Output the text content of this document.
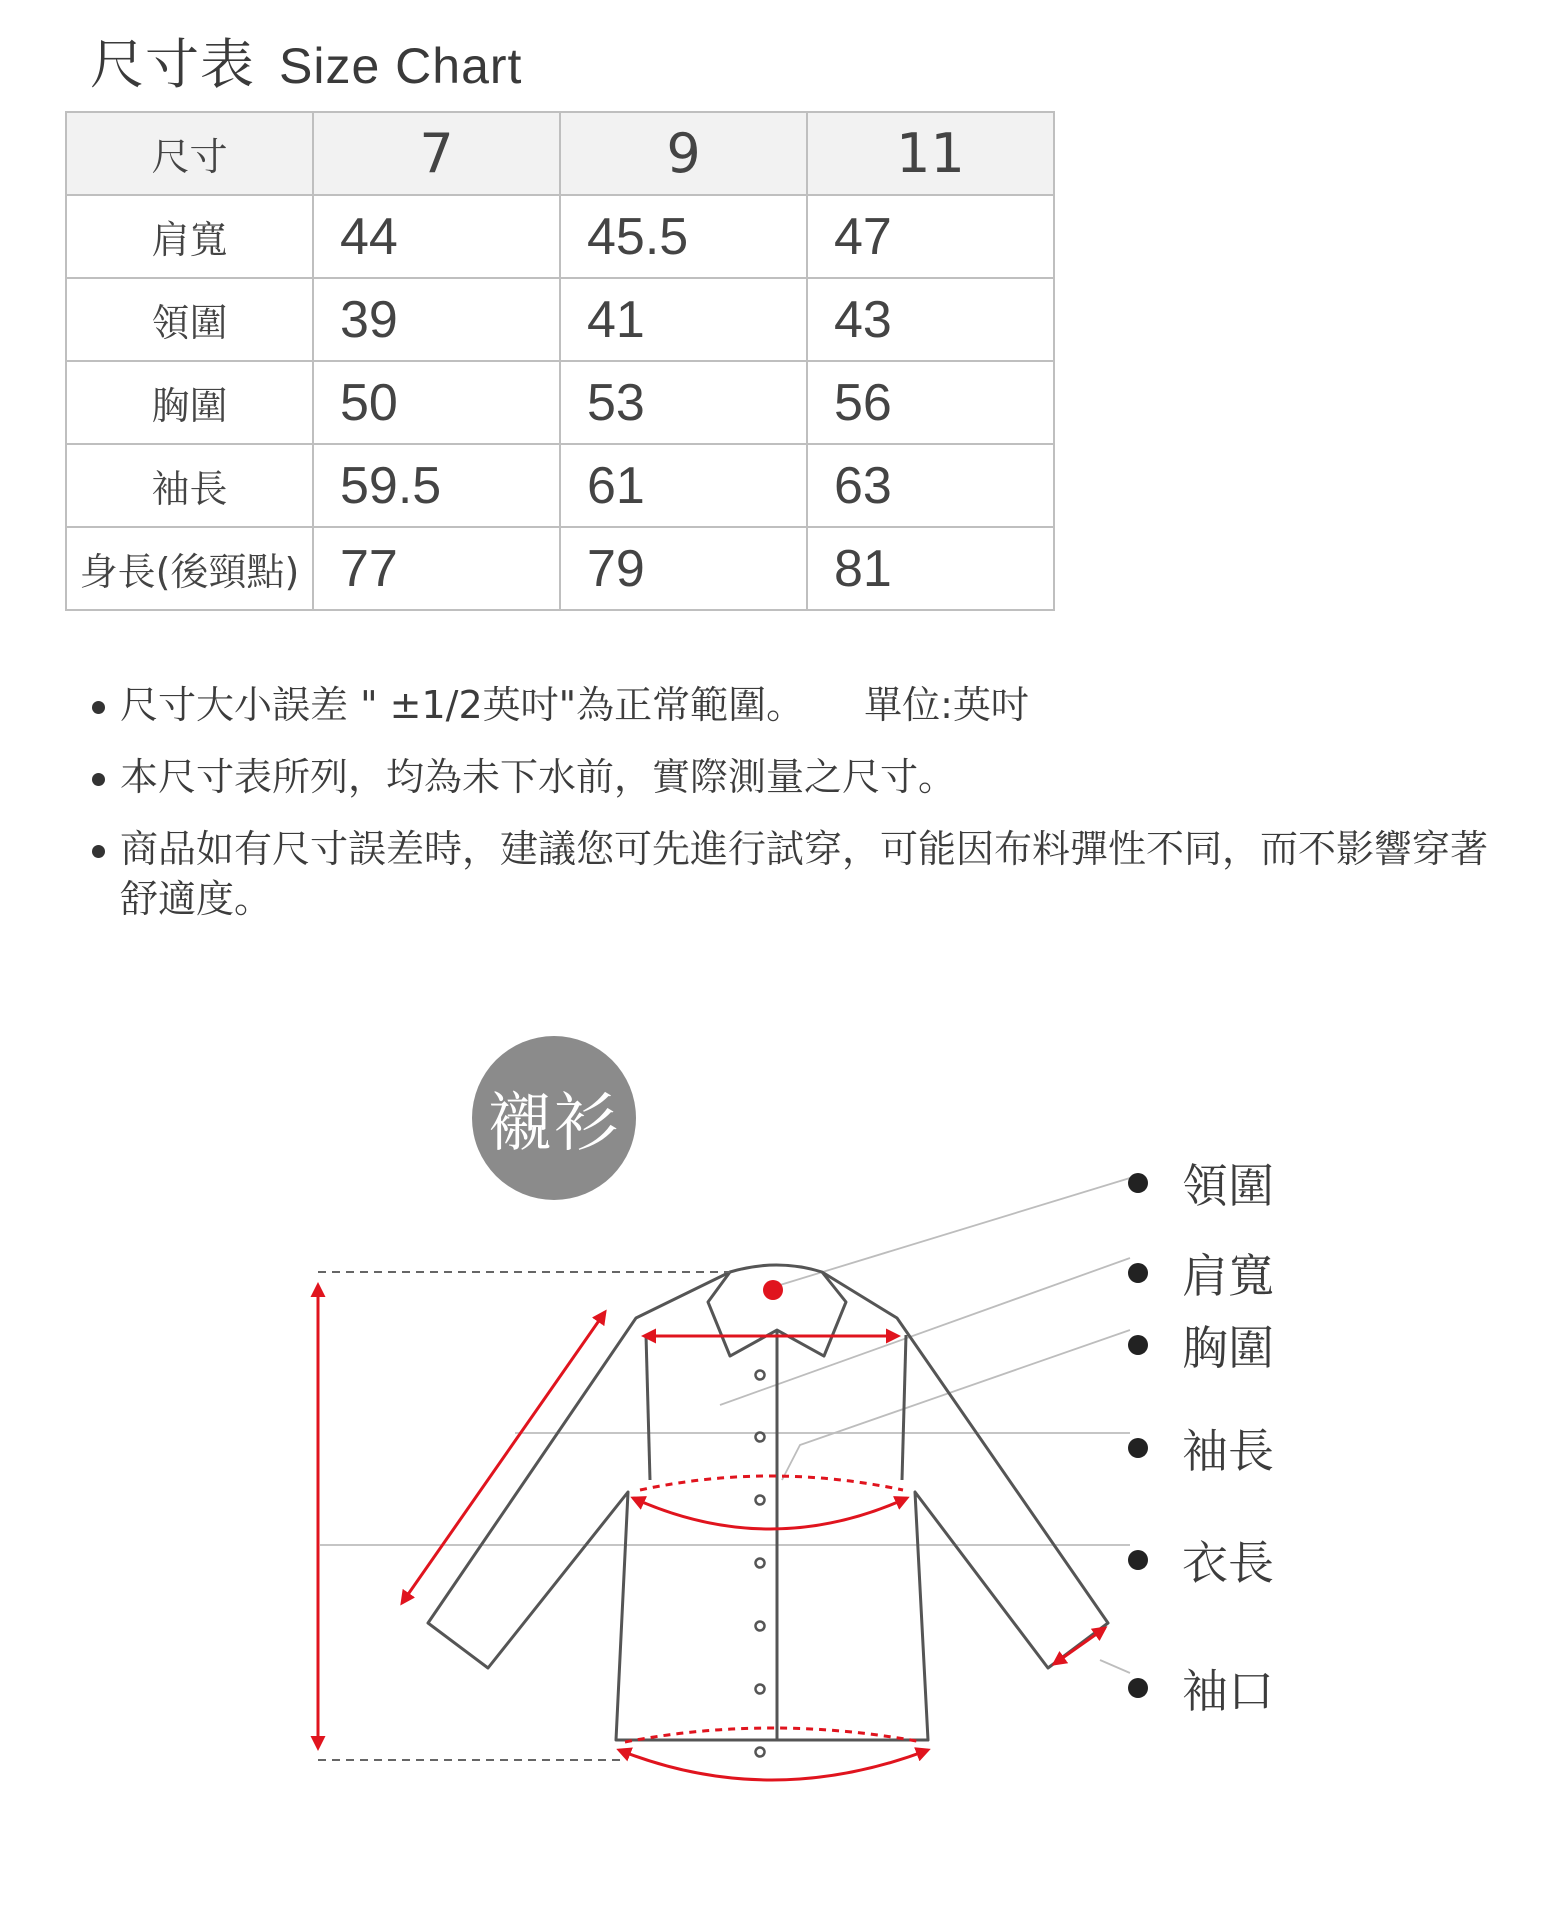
尺寸表 Size Chart
尺寸	7	9	11
肩寬	44	45.5	47
領圍	39	41	43
胸圍	50	53	56
袖長	59.5	61	63
身長(後頸點)	77	79	81
尺寸大小誤差 " ±1/2英吋"為正常範圍。 單位:英吋
本尺寸表所列，均為未下水前，實際測量之尺寸。
商品如有尺寸誤差時，建議您可先進行試穿，可能因布料彈性不同，而不影響穿著舒適度。
襯衫
領圍
肩寬
胸圍
袖長
衣長
袖口
